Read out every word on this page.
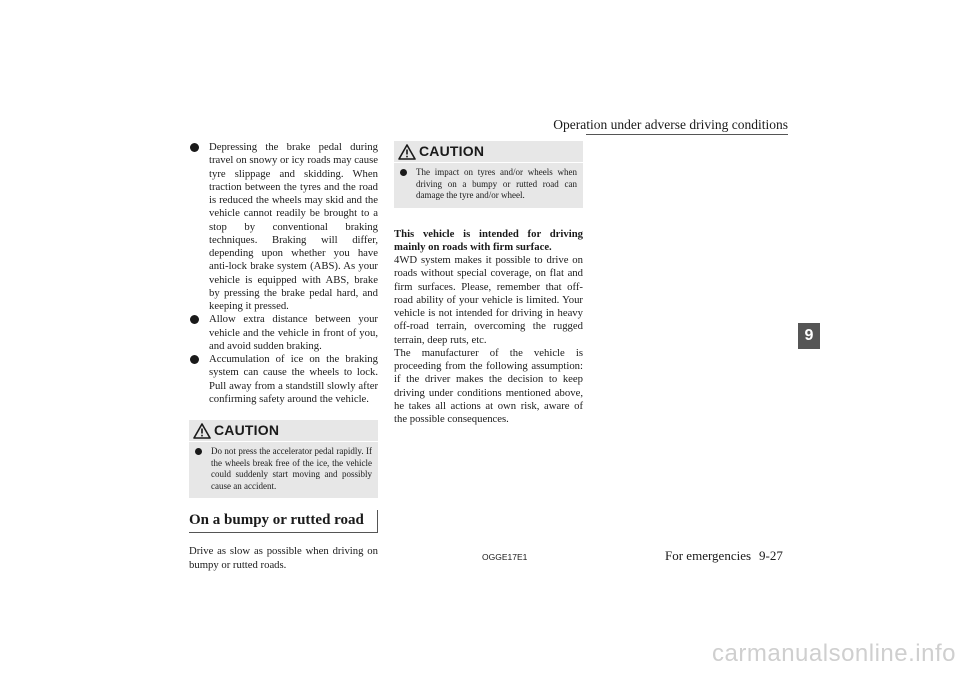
Operation under adverse driving conditions
Depressing the brake pedal during travel on snowy or icy roads may cause tyre slippage and skidding. When traction between the tyres and the road is reduced the wheels may skid and the vehicle cannot readily be brought to a stop by conventional braking techniques. Braking will differ, depending upon whether you have anti-lock brake system (ABS). As your vehicle is equipped with ABS, brake by pressing the brake pedal hard, and keeping it pressed.
Allow extra distance between your vehicle and the vehicle in front of you, and avoid sudden braking.
Accumulation of ice on the braking system can cause the wheels to lock. Pull away from a standstill slowly after confirming safety around the vehicle.
CAUTION
Do not press the accelerator pedal rapidly. If the wheels break free of the ice, the vehicle could suddenly start moving and possibly cause an accident.
On a bumpy or rutted road

Drive as slow as possible when driving on bumpy or rutted roads.

CAUTION
The impact on tyres and/or wheels when driving on a bumpy or rutted road can damage the tyre and/or wheel.

This vehicle is intended for driving mainly on roads with firm surface.

4WD system makes it possible to drive on roads without special coverage, on flat and firm surfaces. Please, remember that off-road ability of your vehicle is limited. Your vehicle is not intended for driving in heavy off-road terrain, overcoming the rugged terrain, deep ruts, etc.
The manufacturer of the vehicle is proceeding from the following assumption: if the driver makes the decision to keep driving under conditions mentioned above, he takes all actions at own risk, aware of the possible consequences.

9
OGGE17E1	For emergencies 9-27
carmanualsonline.info
